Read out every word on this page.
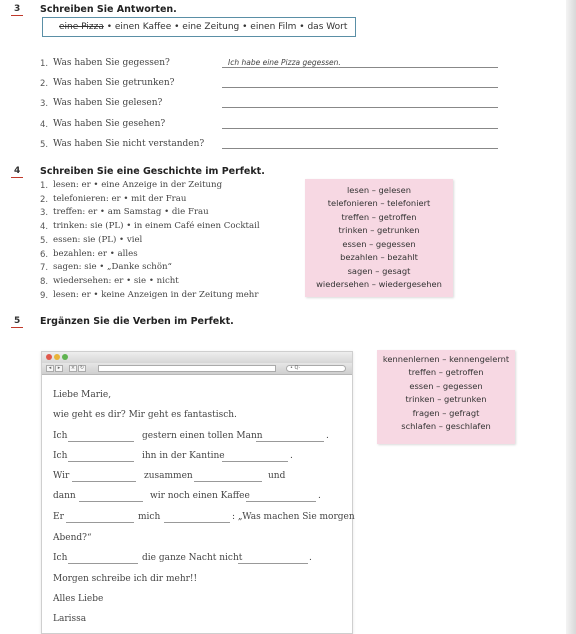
3	Schreiben Sie Antworten.
eine Pizza • einen Kaffee • eine Zeitung • einen Film • das Wort
1. Was haben Sie gegessen?	Ich habe eine Pizza gegessen.
2. Was haben Sie getrunken?
3. Was haben Sie gelesen?
4. Was haben Sie gesehen?
5. Was haben Sie nicht verstanden?
4	Schreiben Sie eine Geschichte im Perfekt.
1. lesen: er • eine Anzeige in der Zeitung
2. telefonieren: er • mit der Frau
3. treffen: er • am Samstag • die Frau
4. trinken: sie (PL) • in einem Café einen Cocktail
5. essen: sie (PL) • viel
6. bezahlen: er • alles
7. sagen: sie • „Danke schön“
8. wiedersehen: er • sie • nicht
9. lesen: er • keine Anzeigen in der Zeitung mehr
lesen – gelesen
telefonieren – telefoniert
treffen – getroffen
trinken – getrunken
essen – gegessen
bezahlen – bezahlt
sagen – gesagt
wiedersehen – wiedergesehen
5	Ergänzen Sie die Verben im Perfekt.
kennenlernen – kennengelernt
treffen – getroffen
essen – gegessen
trinken – getrunken
fragen – gefragt
schlafen – geschlafen
◂	▸	× ↻	• Q·
Liebe Marie,
wie geht es dir? Mir geht es fantastisch.
Ich	gestern einen tollen Mann	.
Ich	ihn in der Kantine	.
Wir	zusammen	und
dann	wir noch einen Kaffee	.
Er	mich	: „Was machen Sie morgen
Abend?“
Ich	die ganze Nacht nicht	.
Morgen schreibe ich dir mehr!!
Alles Liebe
Larissa
